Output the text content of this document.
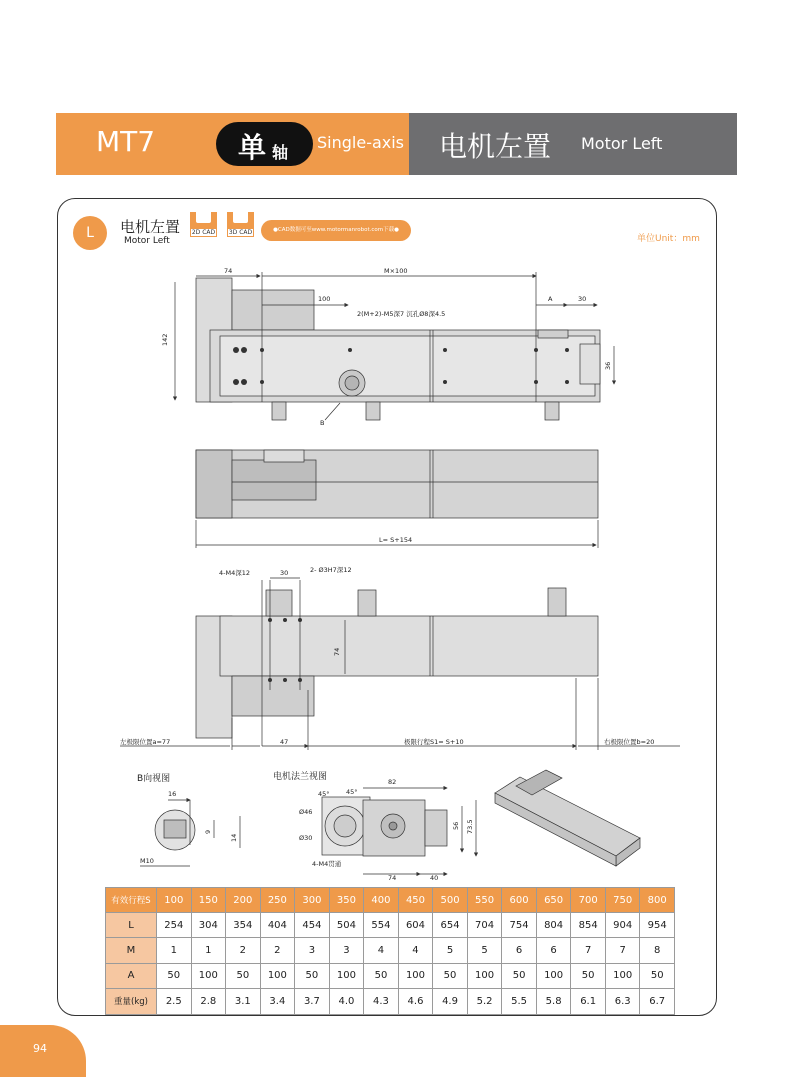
MT7	单 轴
Single-axis 电机左置 Motor Left
L	电机左置
Motor Left
2D CAD	3D CAD	●CAD数据可至www.motormanrobot.com下载●
单位Unit：mm
74	M×100
100	A	30
2(M+2)-M5深7 沉孔Ø8深4.5
142
36
B
L= S+154
4-M4深12	30	2- Ø3H7深12
74
左极限位置a=77	47	极限行程S1= S+10	右极限位置b=20
16
9
14
M10
82
45°	45°
Ø46
Ø30
4-M4贯通
56 73.5
74	40
B向视图	电机法兰视图
有效行程S	100	150	200	250	300	350	400	450	500	550	600	650	700	750	800
L	254	304	354	404	454	504	554	604	654	704	754	804	854	904	954
M	1	1	2	2	3	3	4	4	5	5	6	6	7	7	8
A	50	100	50	100	50	100	50	100	50	100	50	100	50	100	50
重量(kg)	2.5	2.8	3.1	3.4	3.7	4.0	4.3	4.6	4.9	5.2	5.5	5.8	6.1	6.3	6.7
94
